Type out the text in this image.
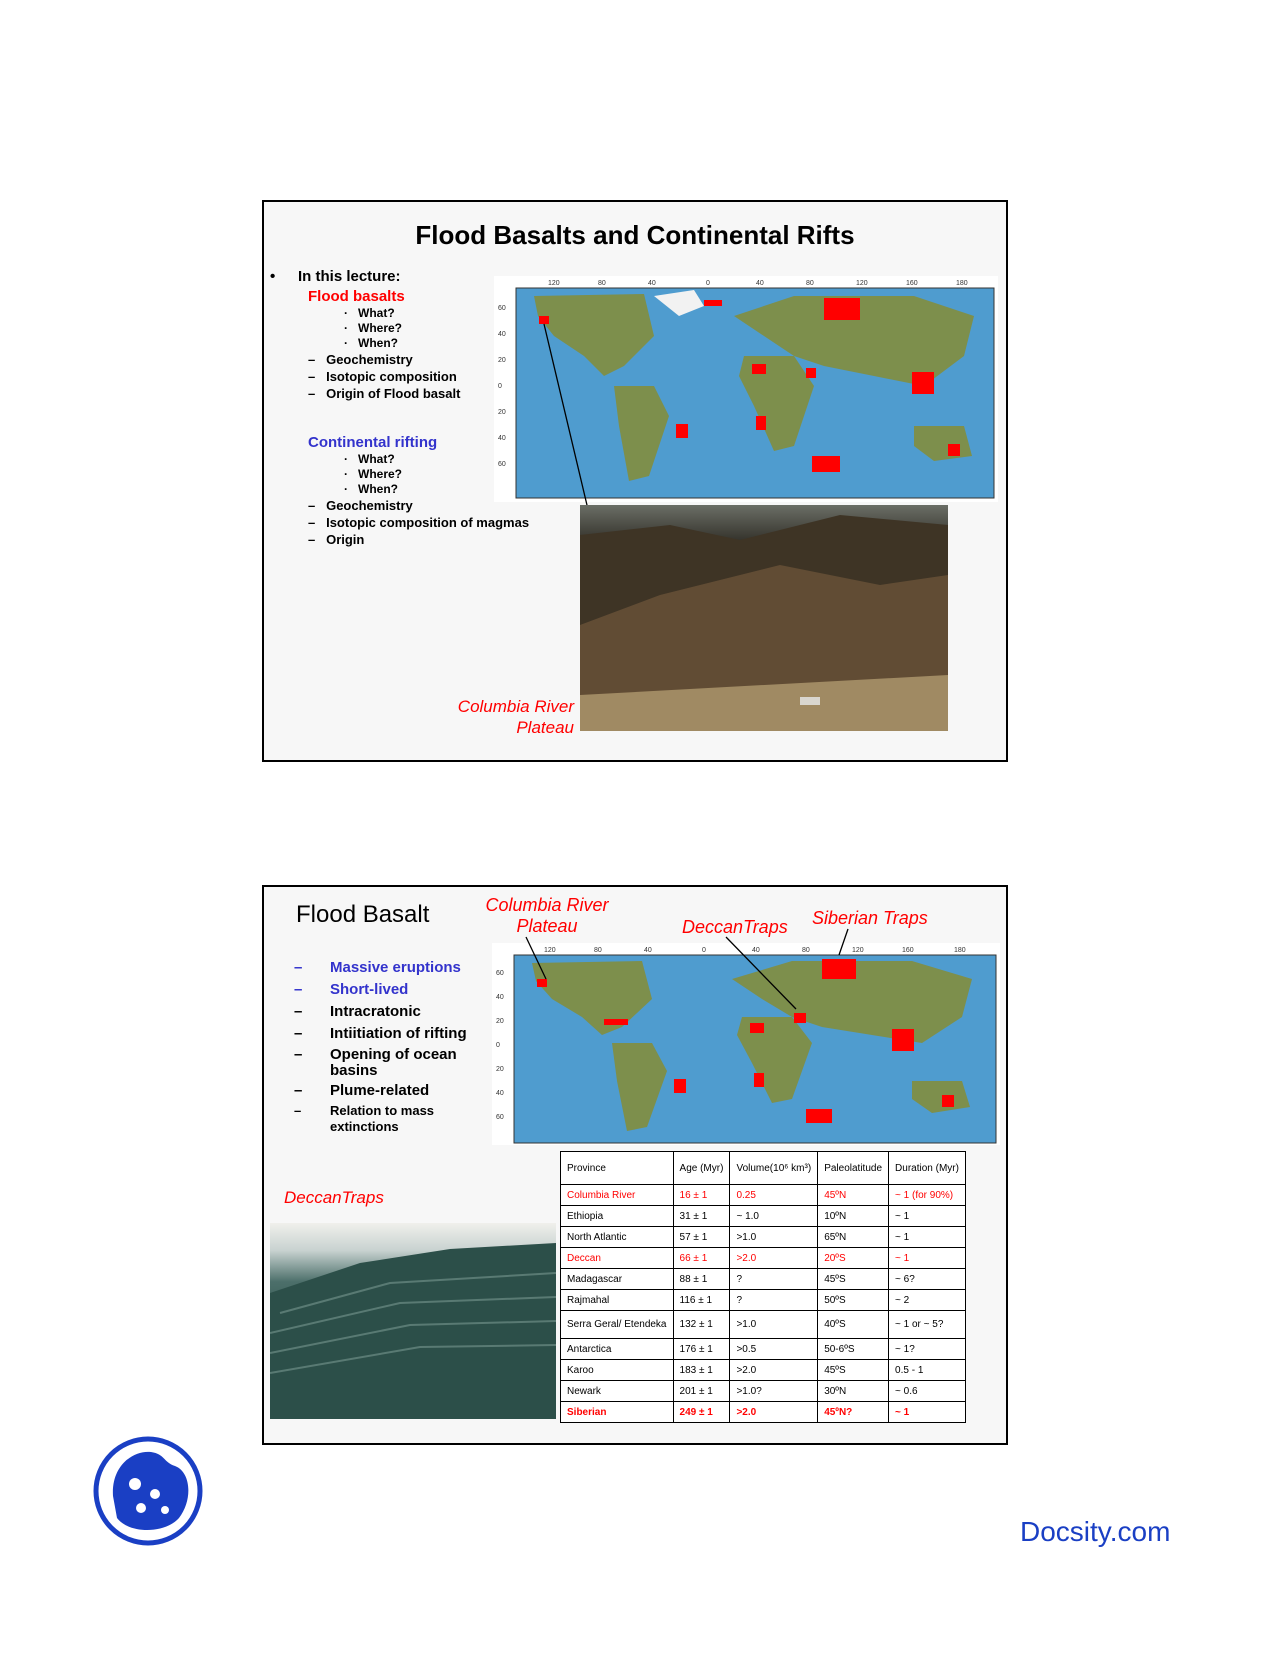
Flood Basalts and Continental Rifts
• In this lecture:
Flood basalts
·   What?
·   Where?
·   When?
–   Geochemistry
–   Isotopic composition
–   Origin of Flood basalt
Continental rifting
·   What?
·   Where?
·   When?
–   Geochemistry
–   Isotopic composition of magmas
–   Origin
120	80	40	0	40	80	120	160	180
60
40
20
0
20
40
60
Columbia River
Plateau
Flood Basalt	Columbia River
Plateau	DeccanTraps Siberian Traps
–	Massive eruptions
–	Short-lived
–	Intracratonic
–	Intiitiation of rifting
–	Opening of ocean basins
–	Plume-related
–	Relation to mass extinctions
120	80	40	0	40	80	120	160	180
60
40
20
0
20
40
60
DeccanTraps
Province	Age (Myr)	Volume(10⁶ km³)	Paleolatitude	Duration (Myr)
Columbia River	16 ± 1	0.25	45ºN	~ 1 (for 90%)
Ethiopia	31 ± 1	~ 1.0	10ºN	~ 1
North Atlantic	57 ± 1	>1.0	65ºN	~ 1
Deccan	66 ± 1	>2.0	20ºS	~ 1
Madagascar	88 ± 1	?	45ºS	~ 6?
Rajmahal	116 ± 1	?	50ºS	~ 2
Serra Geral/ Etendeka	132 ± 1	>1.0	40ºS	~ 1 or ~ 5?
Antarctica	176 ± 1	>0.5	50-6ºS	~ 1?
Karoo	183 ± 1	>2.0	45ºS	0.5 - 1
Newark	201 ± 1	>1.0?	30ºN	~ 0.6
Siberian	249 ± 1	>2.0	45ºN?	~ 1
Docsity.com
